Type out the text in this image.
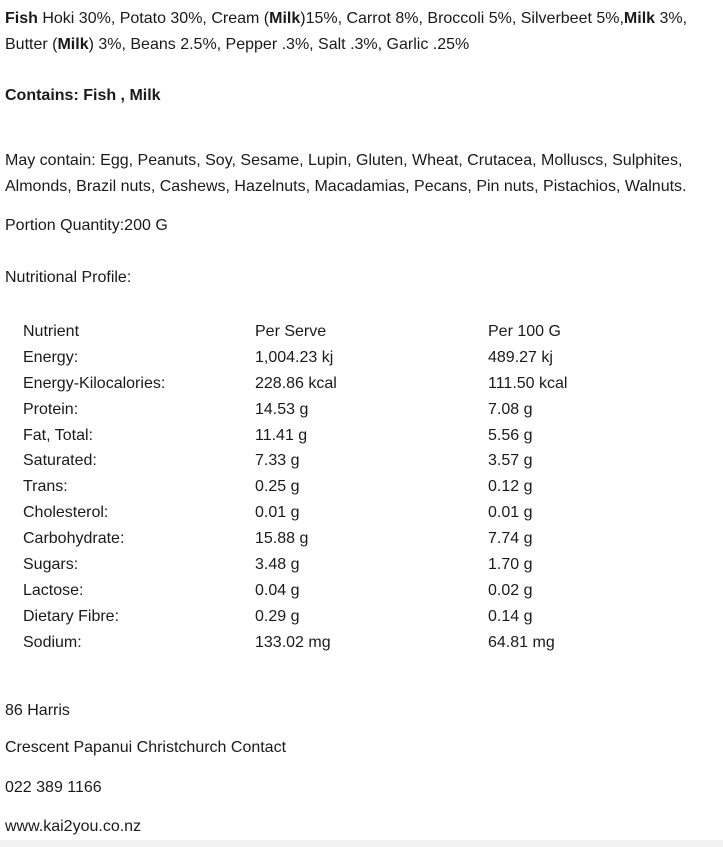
Fish Hoki 30%, Potato 30%, Cream (Milk)15%, Carrot 8%, Broccoli 5%, Silverbeet 5%,Milk 3%, Butter (Milk) 3%, Beans 2.5%, Pepper .3%, Salt .3%, Garlic .25%
Contains: Fish , Milk
May contain: Egg, Peanuts, Soy, Sesame, Lupin, Gluten, Wheat, Crutacea, Molluscs, Sulphites, Almonds, Brazil nuts, Cashews, Hazelnuts, Macadamias, Pecans, Pin nuts, Pistachios, Walnuts.
Portion Quantity:200 G
Nutritional Profile:
Nutrient	Per Serve	Per 100 G
Energy:	1,004.23 kj	489.27 kj
Energy-Kilocalories:	228.86 kcal	111.50 kcal
Protein:	14.53 g	7.08 g
Fat, Total:	11.41 g	5.56 g
Saturated:	7.33 g	3.57 g
Trans:	0.25 g	0.12 g
Cholesterol:	0.01 g	0.01 g
Carbohydrate:	15.88 g	7.74 g
Sugars:	3.48 g	1.70 g
Lactose:	0.04 g	0.02 g
Dietary Fibre:	0.29 g	0.14 g
Sodium:	133.02 mg	64.81 mg
86 Harris
Crescent Papanui Christchurch Contact
022 389 1166
www.kai2you.co.nz
